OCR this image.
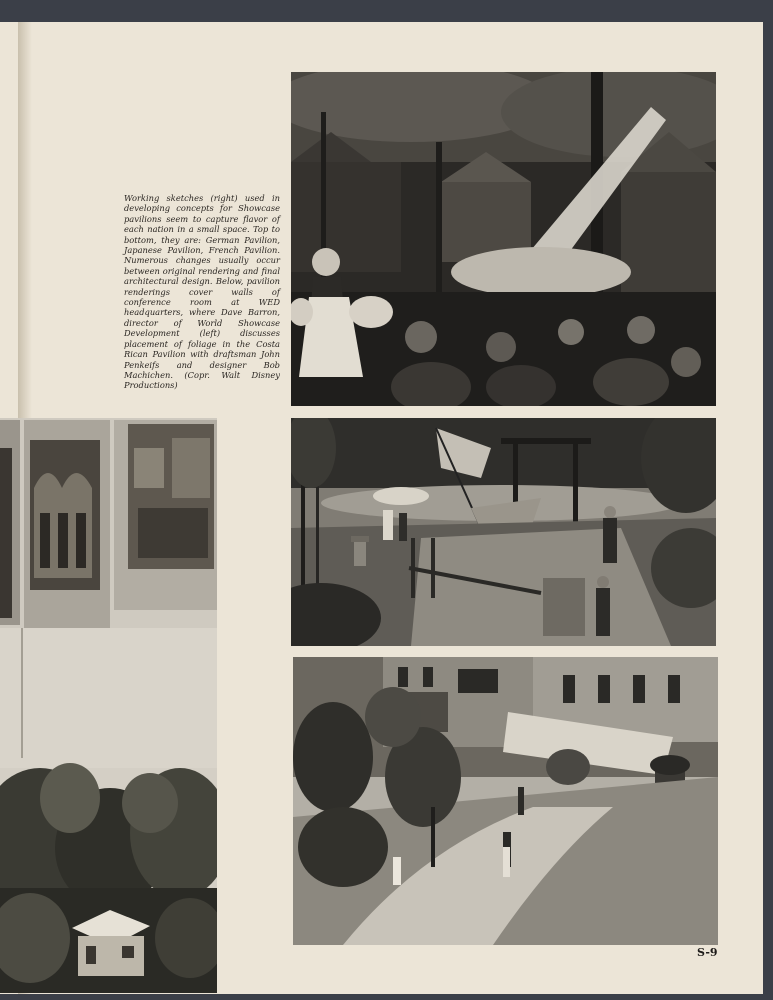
Working sketches (right) used in developing concepts for Showcase pavilions seem to capture flavor of each nation in a small space. Top to bottom, they are: German Pavilion, Japanese Pavilion, French Pavilion. Numerous changes usually occur between original rendering and final architectural design. Below, pavilion renderings cover walls of conference room at WED headquarters, where Dave Barron, director of World Showcase Development (left) discusses placement of foliage in the Costa Rican Pavilion with draftsman John Penkeifs and designer Bob Machichen. (Copr. Walt Disney Productions)
S-9
